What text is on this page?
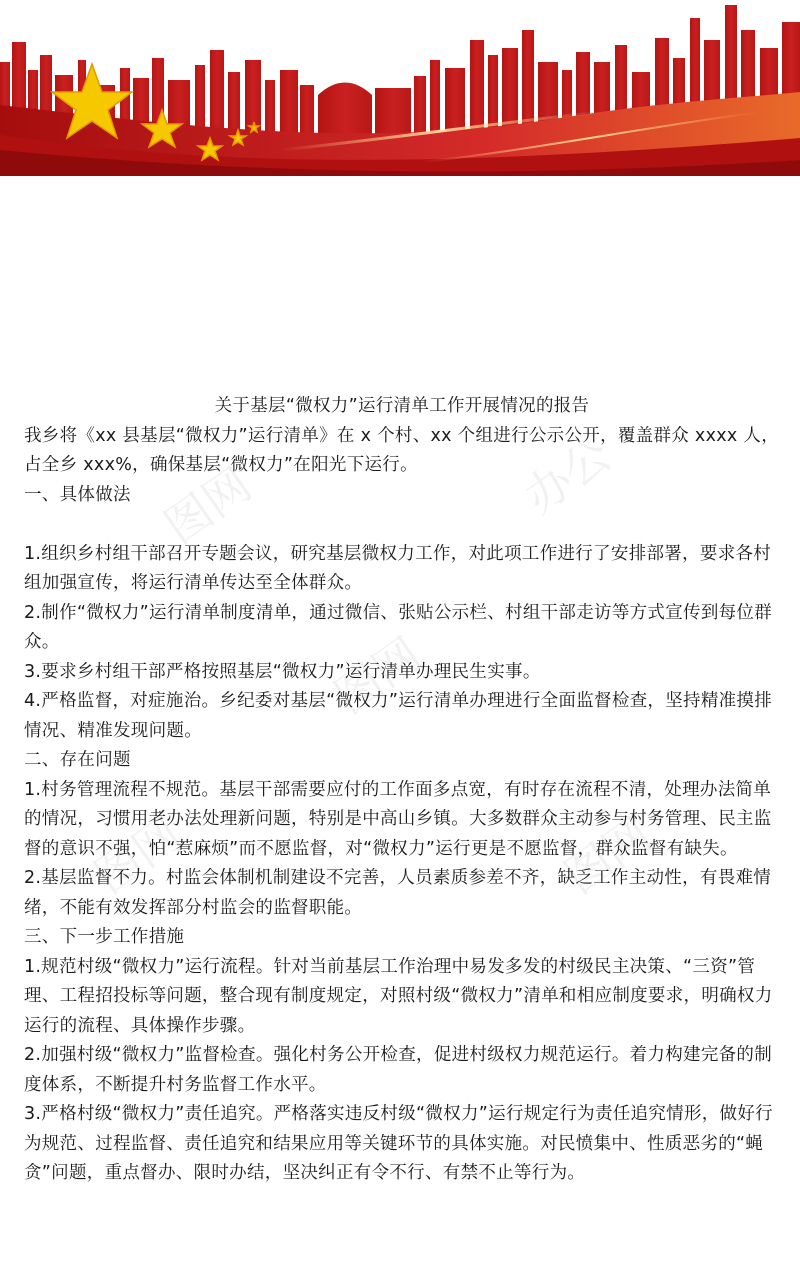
办公
图网
图网
图网	图网

关于基层“微权力”运行清单工作开展情况的报告

我乡将《xx 县基层“微权力”运行清单》在 x 个村、xx 个组进行公示公开，覆盖群众 xxxx 人，占全乡 xxx%，确保基层“微权力”在阳光下运行。

一、具体做法

1.组织乡村组干部召开专题会议，研究基层微权力工作，对此项工作进行了安排部署，要求各村组加强宣传，将运行清单传达至全体群众。

2.制作“微权力”运行清单制度清单，通过微信、张贴公示栏、村组干部走访等方式宣传到每位群众。

3.要求乡村组干部严格按照基层“微权力”运行清单办理民生实事。

4.严格监督，对症施治。乡纪委对基层“微权力”运行清单办理进行全面监督检查，坚持精准摸排情况、精准发现问题。

二、存在问题

1.村务管理流程不规范。基层干部需要应付的工作面多点宽，有时存在流程不清，处理办法简单的情况，习惯用老办法处理新问题，特别是中高山乡镇。大多数群众主动参与村务管理、民主监督的意识不强，怕“惹麻烦”而不愿监督，对“微权力”运行更是不愿监督，群众监督有缺失。

2.基层监督不力。村监会体制机制建设不完善，人员素质参差不齐，缺乏工作主动性，有畏难情绪，不能有效发挥部分村监会的监督职能。

三、下一步工作措施

1.规范村级“微权力”运行流程。针对当前基层工作治理中易发多发的村级民主决策、“三资”管理、工程招投标等问题，整合现有制度规定，对照村级“微权力”清单和相应制度要求，明确权力运行的流程、具体操作步骤。

2.加强村级“微权力”监督检查。强化村务公开检查，促进村级权力规范运行。着力构建完备的制度体系，不断提升村务监督工作水平。

3.严格村级“微权力”责任追究。严格落实违反村级“微权力”运行规定行为责任追究情形，做好行为规范、过程监督、责任追究和结果应用等关键环节的具体实施。对民愤集中、性质恶劣的“蝇贪”问题，重点督办、限时办结，坚决纠正有令不行、有禁不止等行为。
